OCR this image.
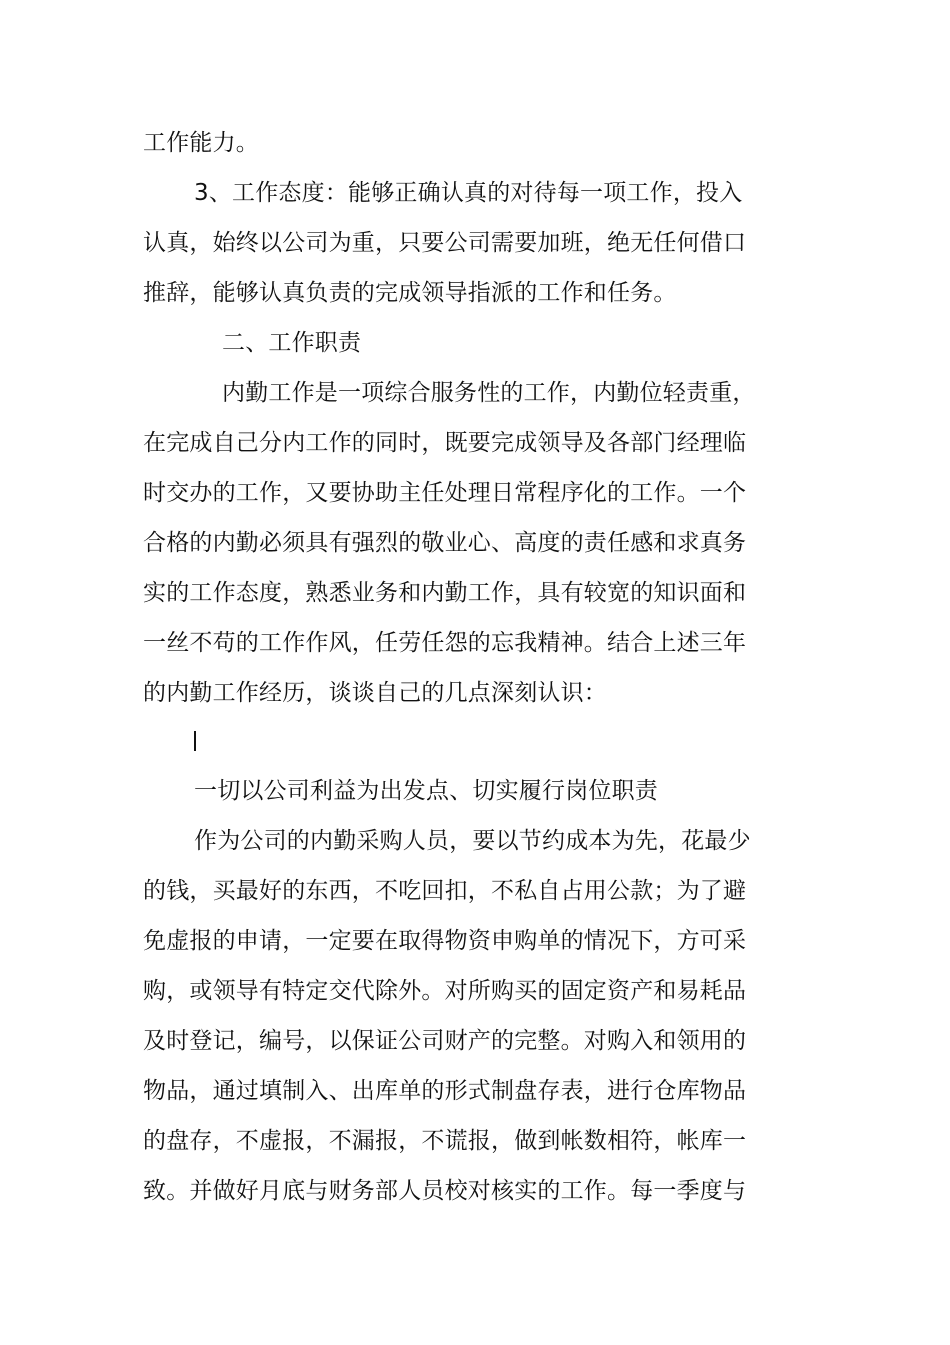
工作能力。
3、工作态度：能够正确认真的对待每一项工作，投入
认真，始终以公司为重，只要公司需要加班，绝无任何借口
推辞，能够认真负责的完成领导指派的工作和任务。
二、工作职责
内勤工作是一项综合服务性的工作，内勤位轻责重，
在完成自己分内工作的同时，既要完成领导及各部门经理临
时交办的工作，又要协助主任处理日常程序化的工作。一个
合格的内勤必须具有强烈的敬业心、高度的责任感和求真务
实的工作态度，熟悉业务和内勤工作，具有较宽的知识面和
一丝不苟的工作作风，任劳任怨的忘我精神。结合上述三年
的内勤工作经历，谈谈自己的几点深刻认识：
一切以公司利益为出发点、切实履行岗位职责
作为公司的内勤采购人员，要以节约成本为先，花最少
的钱，买最好的东西，不吃回扣，不私自占用公款；为了避
免虚报的申请，一定要在取得物资申购单的情况下，方可采
购，或领导有特定交代除外。对所购买的固定资产和易耗品
及时登记，编号，以保证公司财产的完整。对购入和领用的
物品，通过填制入、出库单的形式制盘存表，进行仓库物品
的盘存，不虚报，不漏报，不谎报，做到帐数相符，帐库一
致。并做好月底与财务部人员校对核实的工作。每一季度与
